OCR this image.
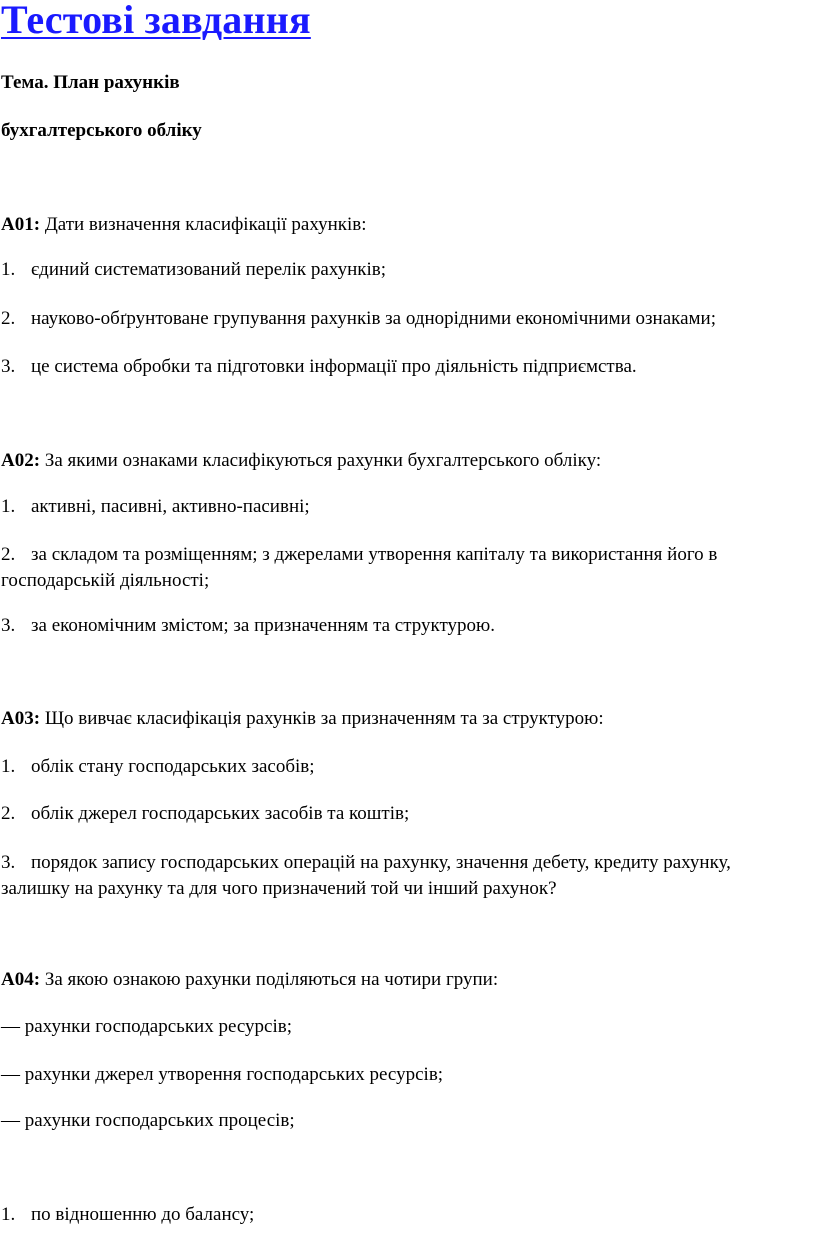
Тестові завдання
Тема. План рахунків
бухгалтерського обліку
А01: Дати визначення класифікації рахунків:
1. єдиний систематизований перелік рахунків;
2. науково-обґрунтоване групування рахунків за однорідними економічними ознаками;
3. це система обробки та підготовки інформації про діяльність підприємства.
А02: За якими ознаками класифікуються рахунки бухгалтерського обліку:
1. активні, пасивні, активно-пасивні;
2. за складом та розміщенням; з джерелами утворення капіталу та використання його в господарській діяльності;
3. за економічним змістом; за призначенням та структурою.
А03: Що вивчає класифікація рахунків за призначенням та за структурою:
1. облік стану господарських засобів;
2. облік джерел господарських засобів та коштів;
3. порядок запису господарських операцій на рахунку, значення дебету, кредиту рахунку, залишку на рахунку та для чого призначений той чи інший рахунок?
А04: За якою ознакою рахунки поділяються на чотири групи:
— рахунки господарських ресурсів;
— рахунки джерел утворення господарських ресурсів;
— рахунки господарських процесів;
1. по відношенню до балансу;
